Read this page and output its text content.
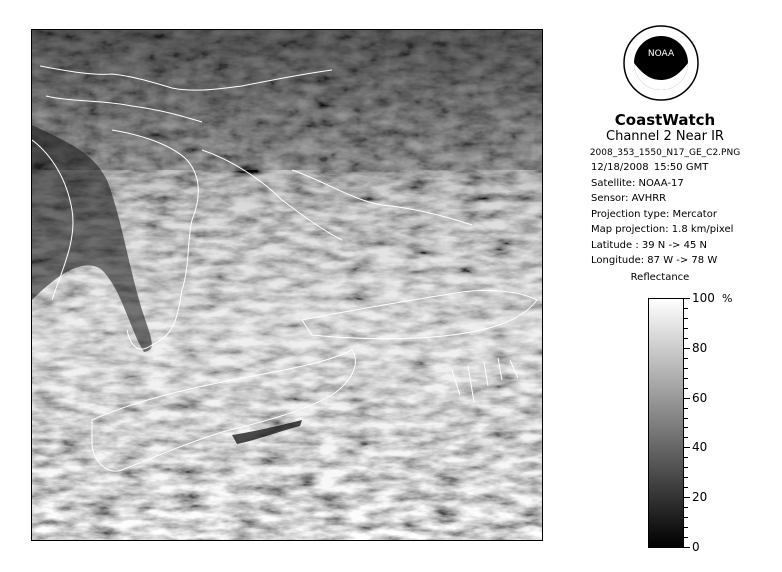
NOAA
CoastWatch
Channel 2 Near IR
2008_353_1550_N17_GE_C2.PNG
12/18/2008 15:50 GMT
Satellite: NOAA-17
Sensor: AVHRR
Projection type: Mercator
Map projection: 1.8 km/pixel
Latitude : 39 N -> 45 N
Longitude: 87 W -> 78 W
Reflectance
%
100
80
60
40
20
0
